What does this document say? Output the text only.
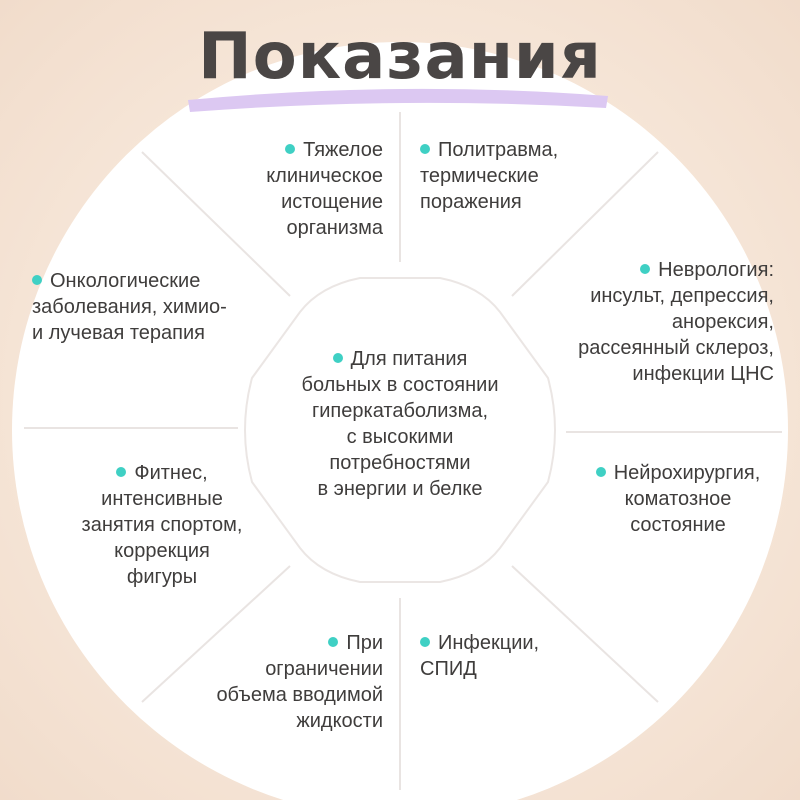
Показания
Для питания
больных в состоянии
гиперкатаболизма,
с высокими
потребностями
в энергии и белке
Тяжелое
клиническое
истощение
организма
Политравма,
термические
поражения
Неврология:
инсульт, депрессия,
анорексия,
рассеянный склероз,
инфекции ЦНС
Нейрохирургия,
коматозное
состояние
Инфекции,
СПИД
При
ограничении
объема вводимой
жидкости
Фитнес,
интенсивные
занятия спортом,
коррекция
фигуры
Онкологические
заболевания, химио-
и лучевая терапия
